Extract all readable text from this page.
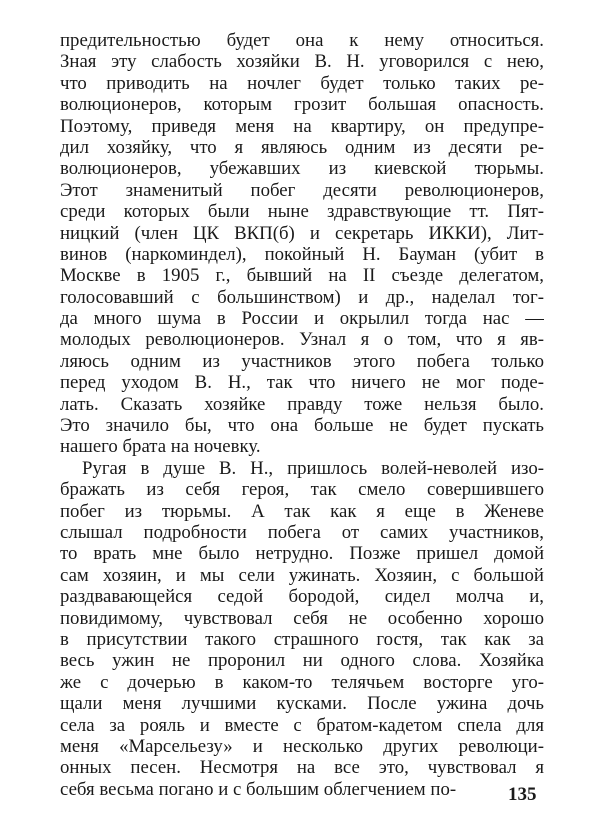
предительностью будет она к нему относиться.
Зная эту слабость хозяйки В. Н. уговорился с нею,
что приводить на ночлег будет только таких ре-
волюционеров, которым грозит большая опасность.
Поэтому, приведя меня на квартиру, он предупре-
дил хозяйку, что я являюсь одним из десяти ре-
волюционеров, убежавших из киевской тюрьмы.
Этот знаменитый побег десяти революционеров,
среди которых были ныне здравствующие тт. Пят-
ницкий (член ЦК ВКП(б) и секретарь ИККИ), Лит-
винов (наркоминдел), покойный Н. Бауман (убит в
Москве в 1905 г., бывший на II съезде делегатом,
голосовавший с большинством) и др., наделал тог-
да много шума в России и окрылил тогда нас —
молодых революционеров. Узнал я о том, что я яв-
ляюсь одним из участников этого побега только
перед уходом В. Н., так что ничего не мог поде-
лать. Сказать хозяйке правду тоже нельзя было.
Это значило бы, что она больше не будет пускать
нашего брата на ночевку.
Ругая в душе В. Н., пришлось волей-неволей изо-
бражать из себя героя, так смело совершившего
побег из тюрьмы. А так как я еще в Женеве
слышал подробности побега от самих участников,
то врать мне было нетрудно. Позже пришел домой
сам хозяин, и мы сели ужинать. Хозяин, с большой
раздвавающейся седой бородой, сидел молча и,
повидимому, чувствовал себя не особенно хорошо
в присутствии такого страшного гостя, так как за
весь ужин не проронил ни одного слова. Хозяйка
же с дочерью в каком-то телячьем восторге уго-
щали меня лучшими кусками. После ужина дочь
села за рояль и вместе с братом-кадетом спела для
меня «Марсельезу» и несколько других революци-
онных песен. Несмотря на все это, чувствовал я
себя весьма погано и с большим облегчением по-	135
